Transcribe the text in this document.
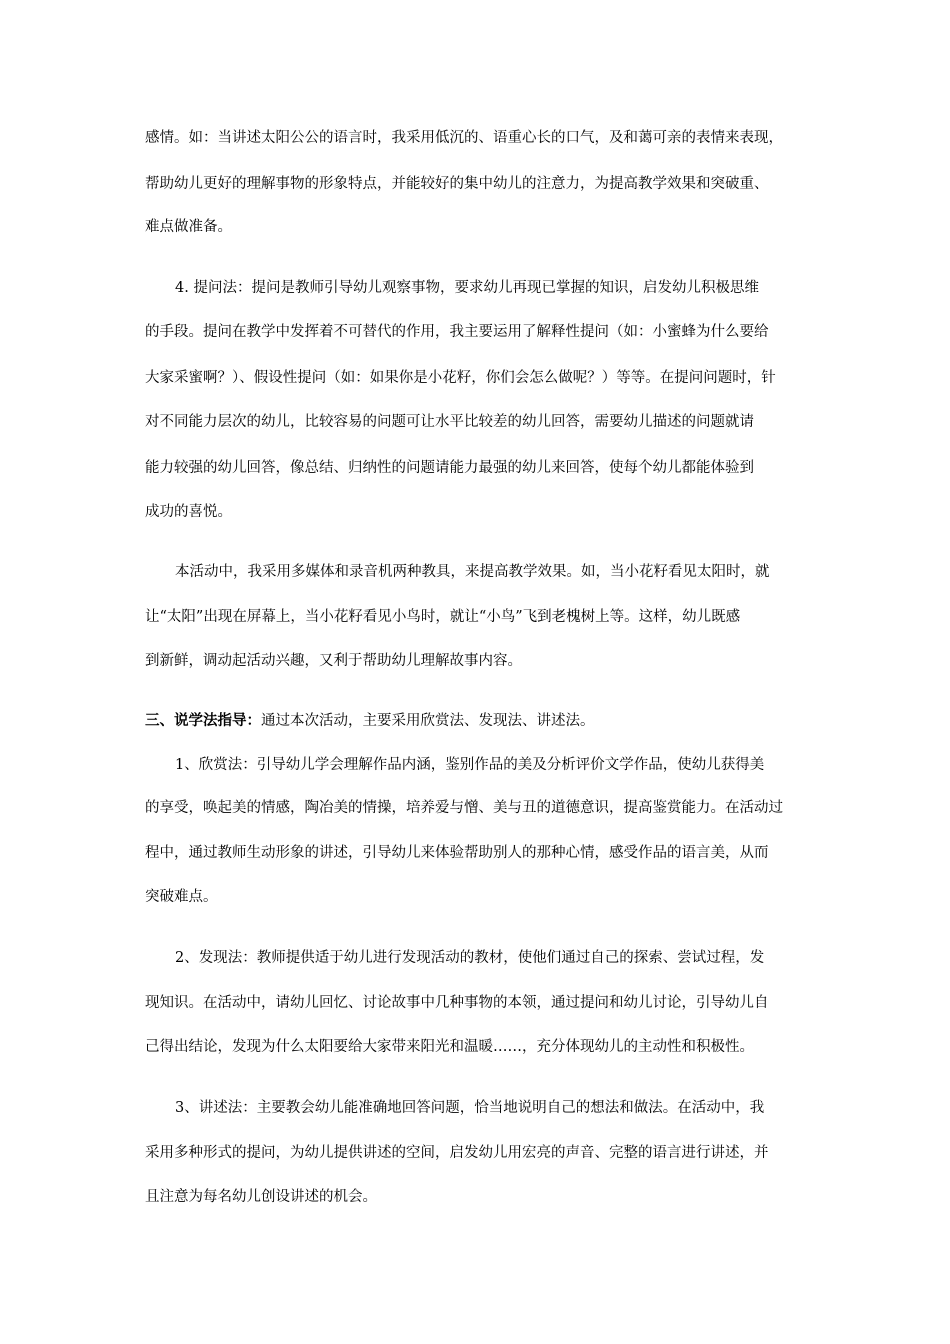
感情。如：当讲述太阳公公的语言时，我采用低沉的、语重心长的口气，及和蔼可亲的表情来表现，
帮助幼儿更好的理解事物的形象特点，并能较好的集中幼儿的注意力，为提高教学效果和突破重、
难点做准备。
4. 提问法：提问是教师引导幼儿观察事物，要求幼儿再现已掌握的知识，启发幼儿积极思维
的手段。提问在教学中发挥着不可替代的作用，我主要运用了解释性提问（如：小蜜蜂为什么要给
大家采蜜啊？）、假设性提问（如：如果你是小花籽，你们会怎么做呢？）等等。在提问问题时，针
对不同能力层次的幼儿，比较容易的问题可让水平比较差的幼儿回答，需要幼儿描述的问题就请
能力较强的幼儿回答，像总结、归纳性的问题请能力最强的幼儿来回答，使每个幼儿都能体验到
成功的喜悦。
本活动中，我采用多媒体和录音机两种教具，来提高教学效果。如，当小花籽看见太阳时，就
让“太阳”出现在屏幕上，当小花籽看见小鸟时，就让“小鸟”飞到老槐树上等。这样，幼儿既感
到新鲜，调动起活动兴趣，又利于帮助幼儿理解故事内容。
三、说学法指导：通过本次活动，主要采用欣赏法、发现法、讲述法。
1、欣赏法：引导幼儿学会理解作品内涵，鉴别作品的美及分析评价文学作品，使幼儿获得美
的享受，唤起美的情感，陶冶美的情操，培养爱与憎、美与丑的道德意识，提高鉴赏能力。在活动过
程中，通过教师生动形象的讲述，引导幼儿来体验帮助别人的那种心情，感受作品的语言美，从而
突破难点。
2、发现法：教师提供适于幼儿进行发现活动的教材，使他们通过自己的探索、尝试过程，发
现知识。在活动中，请幼儿回忆、讨论故事中几种事物的本领，通过提问和幼儿讨论，引导幼儿自
己得出结论，发现为什么太阳要给大家带来阳光和温暖……，充分体现幼儿的主动性和积极性。
3、讲述法：主要教会幼儿能准确地回答问题，恰当地说明自己的想法和做法。在活动中，我
采用多种形式的提问，为幼儿提供讲述的空间，启发幼儿用宏亮的声音、完整的语言进行讲述，并
且注意为每名幼儿创设讲述的机会。
